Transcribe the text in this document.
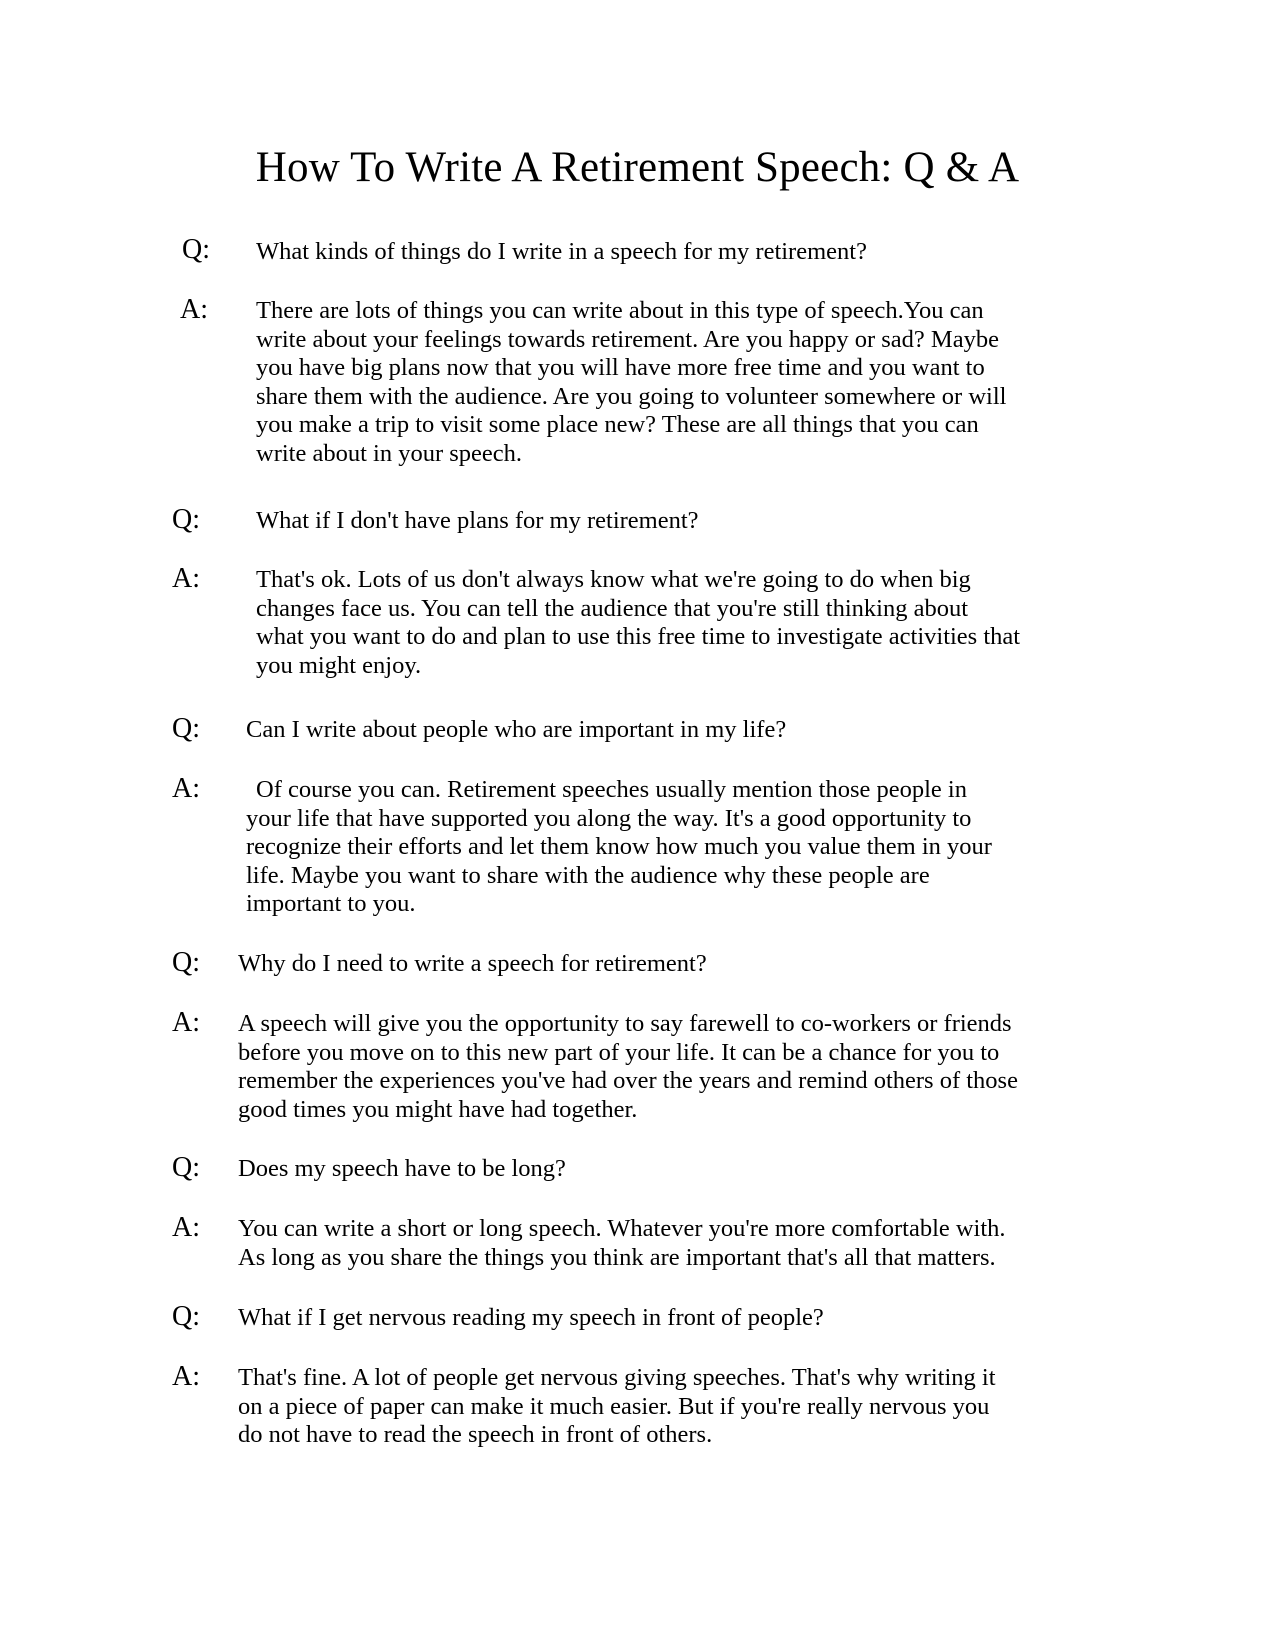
How To Write A Retirement Speech: Q & A
Q: What kinds of things do I write in a speech for my retirement?
A: There are lots of things you can write about in this type of speech.You can
write about your feelings towards retirement. Are you happy or sad? Maybe
you have big plans now that you will have more free time and you want to
share them with the audience. Are you going to volunteer somewhere or will
you make a trip to visit some place new? These are all things that you can
write about in your speech.
Q: What if I don't have plans for my retirement?
A: That's ok. Lots of us don't always know what we're going to do when big
changes face us. You can tell the audience that you're still thinking about
what you want to do and plan to use this free time to investigate activities that
you might enjoy.
Q: Can I write about people who are important in my life?
A:	Of course you can. Retirement speeches usually mention those people in
your life that have supported you along the way. It's a good opportunity to
recognize their efforts and let them know how much you value them in your
life. Maybe you want to share with the audience why these people are
important to you.
Q: Why do I need to write a speech for retirement?
A: A speech will give you the opportunity to say farewell to co-workers or friends
before you move on to this new part of your life. It can be a chance for you to
remember the experiences you've had over the years and remind others of those
good times you might have had together.
Q: Does my speech have to be long?
A: You can write a short or long speech. Whatever you're more comfortable with.
As long as you share the things you think are important that's all that matters.
Q: What if I get nervous reading my speech in front of people?
A: That's fine. A lot of people get nervous giving speeches. That's why writing it
on a piece of paper can make it much easier. But if you're really nervous you
do not have to read the speech in front of others.
